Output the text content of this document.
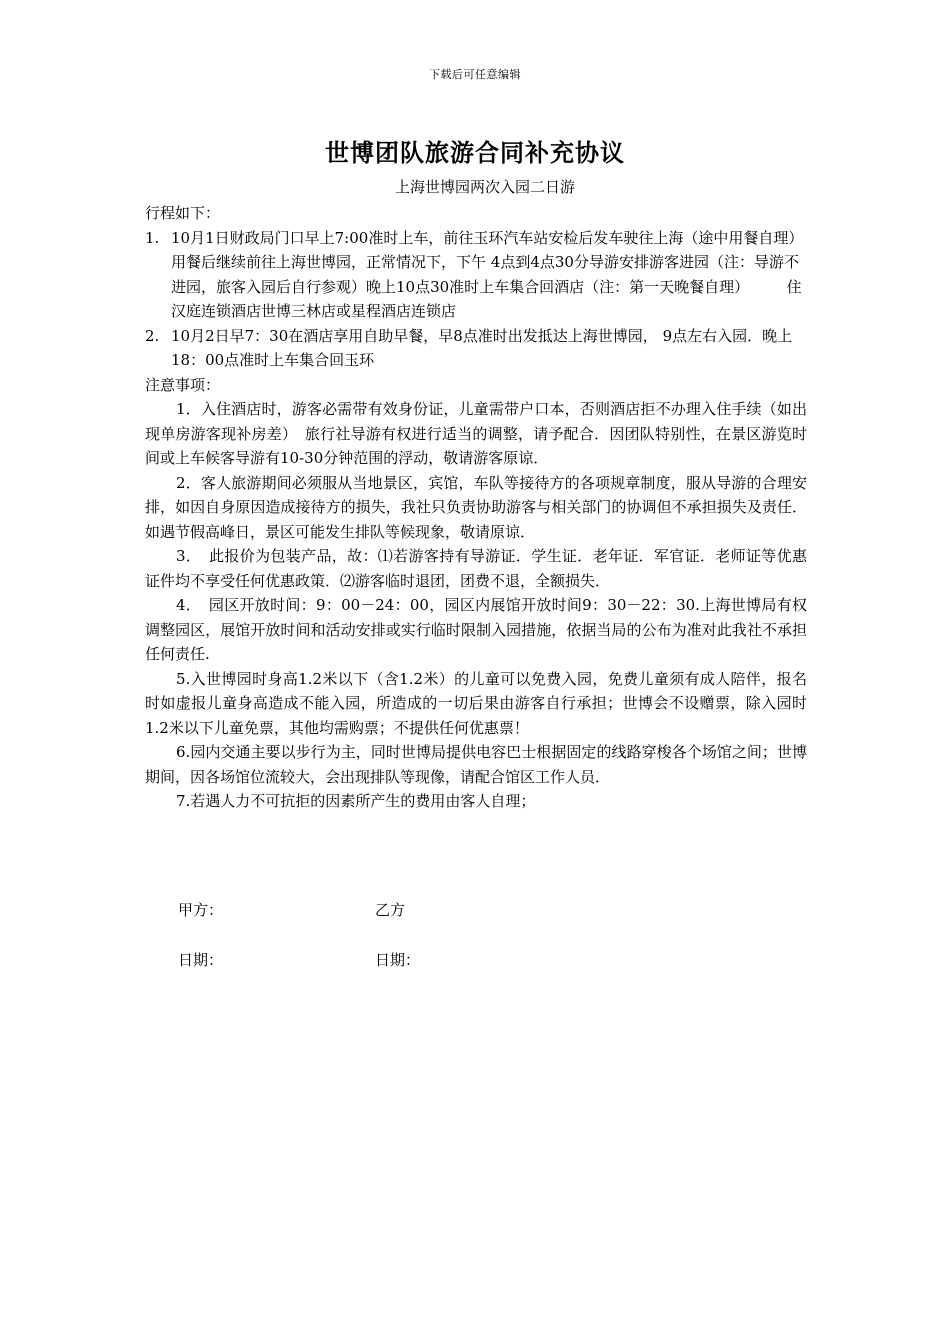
下载后可任意编辑
世博团队旅游合同补充协议
上海世博园两次入园二日游

行程如下：

1. 10月1日财政局门口早上7:00准时上车，前往玉环汽车站安检后发车驶往上海（途中用餐自理）用餐后继续前往上海世博园，正常情况下，下午 4点到4点30分导游安排游客进园（注：导游不进园，旅客入园后自行参观）晚上10点30准时上车集合回酒店（注：第一天晚餐自理）　　　住汉庭连锁酒店世博三林店或星程酒店连锁店
2. 10月2日早7：30在酒店享用自助早餐，早8点准时出发抵达上海世博园， 9点左右入园．晚上18：00点准时上车集合回玉环

注意事项：

1．入住酒店时，游客必需带有效身份证，儿童需带户口本，否则酒店拒不办理入住手续（如出现单房游客现补房差）　旅行社导游有权进行适当的调整，请予配合．因团队特别性，在景区游览时间或上车候客导游有10-30分钟范围的浮动，敬请游客原谅．

2．客人旅游期间必须服从当地景区，宾馆，车队等接待方的各项规章制度，服从导游的合理安排，如因自身原因造成接待方的损失，我社只负责协助游客与相关部门的协调但不承担损失及责任．如遇节假高峰日，景区可能发生排队等候现象，敬请原谅．

3．　此报价为包装产品，故：⑴若游客持有导游证．学生证．老年证．军官证．老师证等优惠证件均不享受任何优惠政策．⑵游客临时退团，团费不退，全额损失．

4．　园区开放时间：9：00－24：00，园区内展馆开放时间9：30－22：30.上海世博局有权调整园区，展馆开放时间和活动安排或实行临时限制入园措施，依据当局的公布为准对此我社不承担任何责任.

5.入世博园时身高1.2米以下（含1.2米）的儿童可以免费入园，免费儿童须有成人陪伴，报名时如虚报儿童身高造成不能入园，所造成的一切后果由游客自行承担；世博会不设赠票，除入园时1.2米以下儿童免票，其他均需购票；不提供任何优惠票！

6.园内交通主要以步行为主，同时世博局提供电容巴士根据固定的线路穿梭各个场馆之间；世博期间，因各场馆位流较大，会出现排队等现像，请配合馆区工作人员．

7.若遇人力不可抗拒的因素所产生的费用由客人自理；

甲方：	乙方
日期：	日期：
